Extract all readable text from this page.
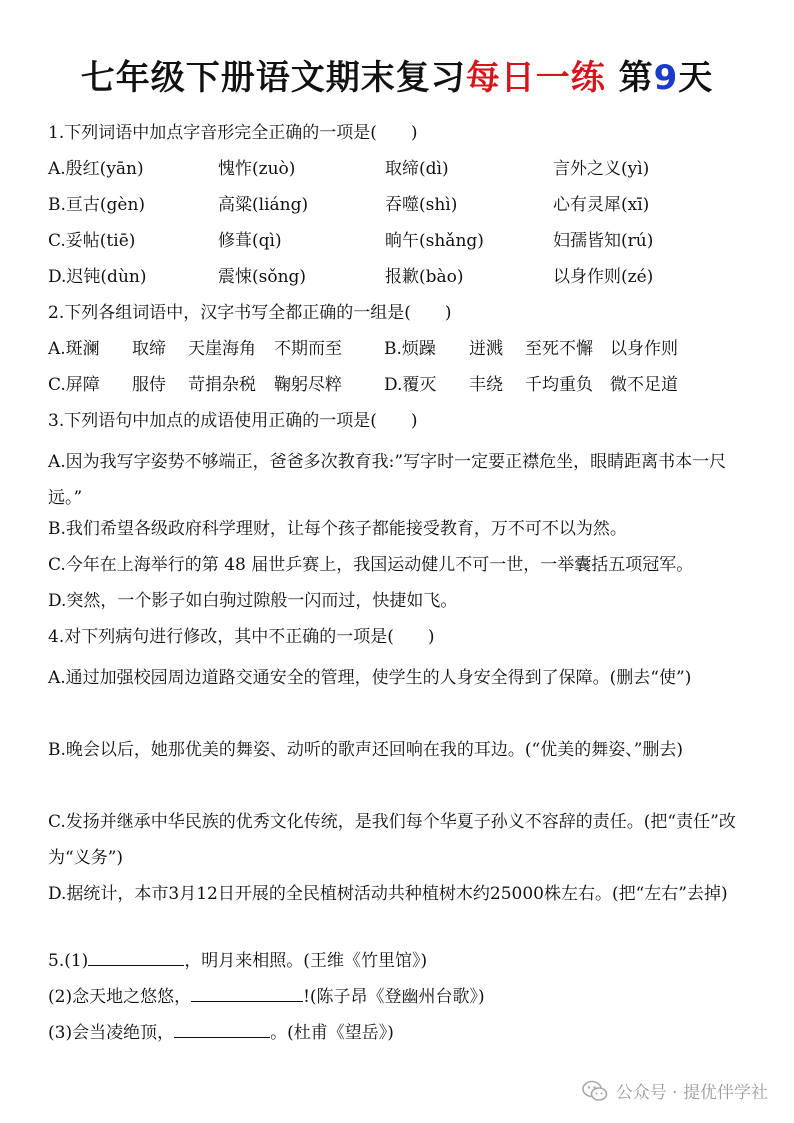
七年级下册语文期末复习每日一练 第9天
1.下列词语中加点字音形完全正确的一项是(　　)
A.殷红(yān)	愧怍(zuò)	取缔(dì)	言外之义(yì)
B.亘古(gèn)	高粱(liáng)	吞噬(shì)	心有灵犀(xī)
C.妥帖(tiē)	修葺(qì)	晌午(shǎng)	妇孺皆知(rú)
D.迟钝(dùn)	震悚(sǒng)	报歉(bào)	以身作则(zé)
2.下列各组词语中，汉字书写全都正确的一组是(　　)
A.斑澜 取缔 天崖海角 不期而至 B.烦躁 迸溅 至死不懈 以身作则
C.屏障 服侍 苛捐杂税 鞠躬尽粹 D.覆灭 丰绕 千均重负 微不足道
3.下列语句中加点的成语使用正确的一项是(　　)
A.因为我写字姿势不够端正，爸爸多次教育我:”写字时一定要正襟危坐，眼睛距离书本一尺远。”
B.我们希望各级政府科学理财，让每个孩子都能接受教育，万不可不以为然。
C.今年在上海举行的第 48 届世乒赛上，我国运动健儿不可一世，一举囊括五项冠军。
D.突然，一个影子如白驹过隙般一闪而过，快捷如飞。
4.对下列病句进行修改，其中不正确的一项是(　　)
A.通过加强校园周边道路交通安全的管理，使学生的人身安全得到了保障。(删去“使”)
B.晚会以后，她那优美的舞姿、动听的歌声还回响在我的耳边。(“优美的舞姿、”删去)
C.发扬并继承中华民族的优秀文化传统，是我们每个华夏子孙义不容辞的责任。(把“责任”改为“义务”)
D.据统计，本市3月12日开展的全民植树活动共种植树木约25000株左右。(把“左右”去掉)
5.(1)	，明月来相照。(王维《竹里馆》)
(2)念天地之悠悠，	!(陈子昂《登幽州台歌》)
(3)会当凌绝顶，	。(杜甫《望岳》)
公众号 · 提优伴学社
